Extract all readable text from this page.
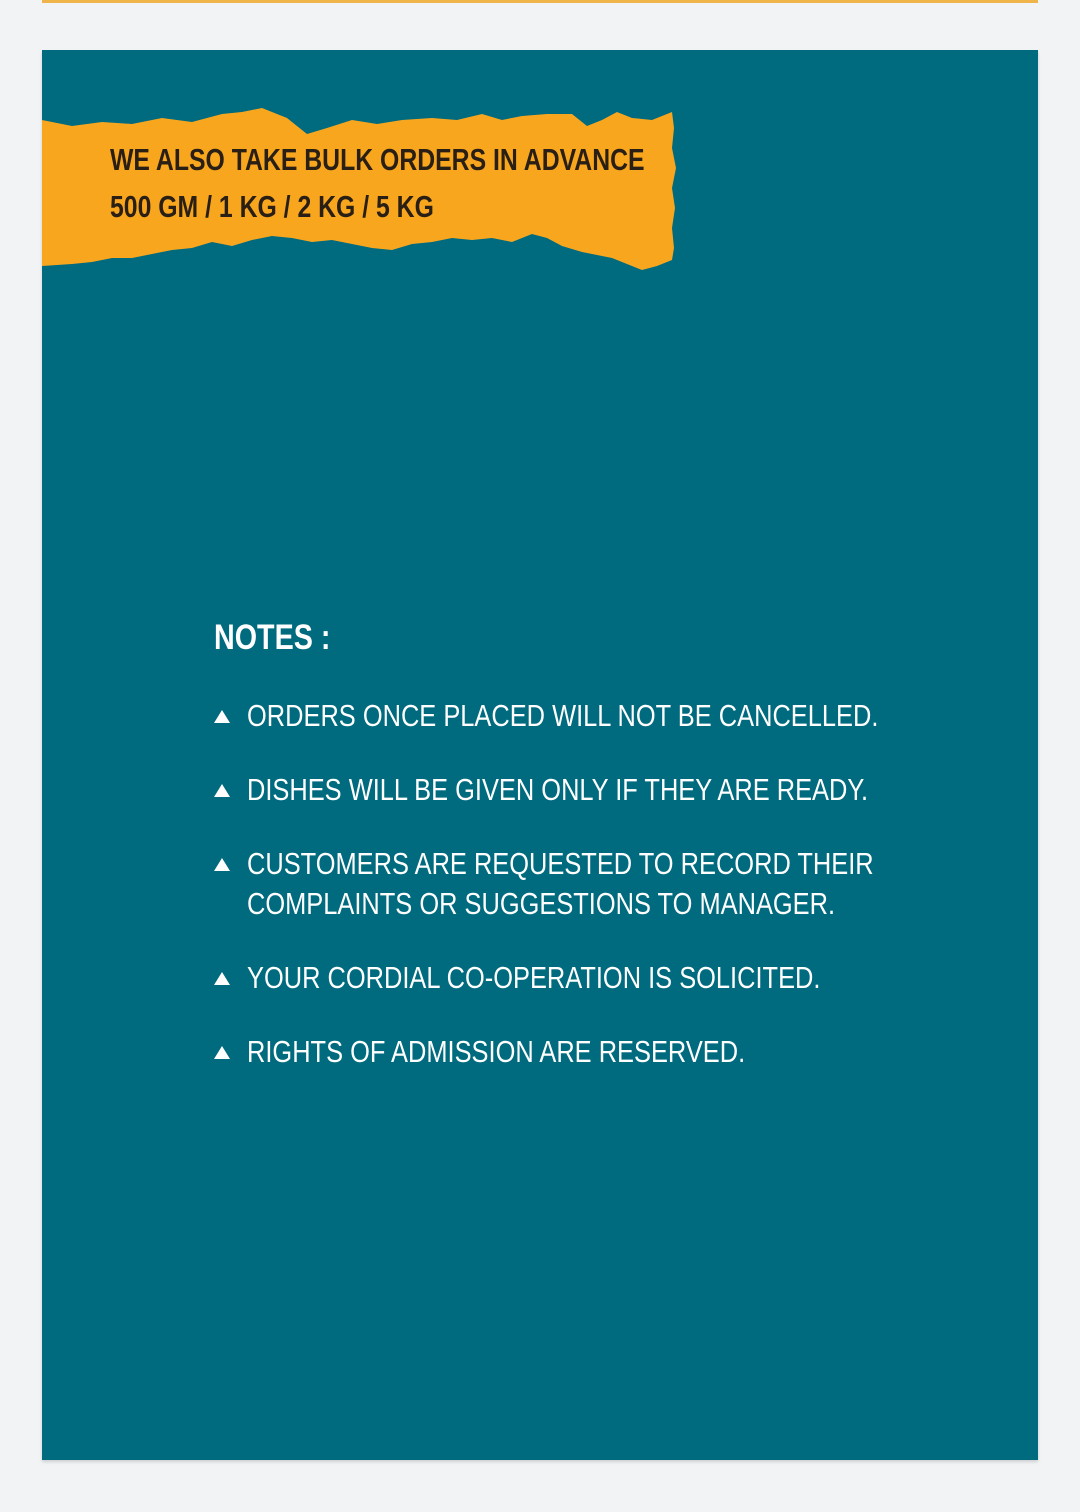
WE ALSO TAKE BULK ORDERS IN ADVANCE
500 GM / 1 KG / 2 KG / 5 KG
NOTES :
ORDERS ONCE PLACED WILL NOT BE CANCELLED.
DISHES WILL BE GIVEN ONLY IF THEY ARE READY.
CUSTOMERS ARE REQUESTED TO RECORD THEIR
COMPLAINTS OR SUGGESTIONS TO MANAGER.
YOUR CORDIAL CO-OPERATION IS SOLICITED.
RIGHTS OF ADMISSION ARE RESERVED.
